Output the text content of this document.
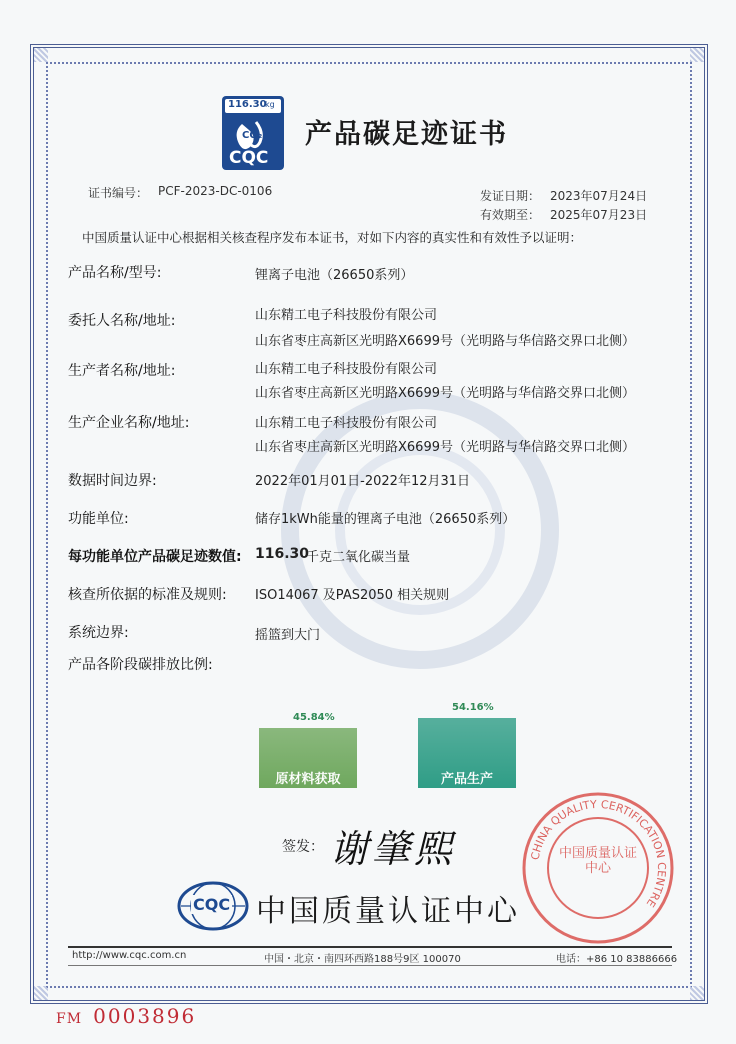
116.30
kg
CO₂
CQC
产品碳足迹证书
证书编号： PCF-2023-DC-0106	发证日期： 2023年07月24日
有效期至： 2025年07月23日
中国质量认证中心根据相关核查程序发布本证书，对如下内容的真实性和有效性予以证明：
产品名称/型号:	锂离子电池（26650系列）
委托人名称/地址:	山东精工电子科技股份有限公司
山东省枣庄高新区光明路X6699号（光明路与华信路交界口北侧）
生产者名称/地址:	山东精工电子科技股份有限公司
山东省枣庄高新区光明路X6699号（光明路与华信路交界口北侧）
生产企业名称/地址:	山东精工电子科技股份有限公司
山东省枣庄高新区光明路X6699号（光明路与华信路交界口北侧）
数据时间边界:	2022年01月01日-2022年12月31日
功能单位:	储存1kWh能量的锂离子电池（26650系列）
每功能单位产品碳足迹数值: 116.30
千克二氧化碳当量
核查所依据的标准及规则: ISO14067 及PAS2050 相关规则
系统边界:	摇篮到大门
产品各阶段碳排放比例:
原材料获取
45.84%
产品生产
54.16%
签发： 谢肇熙
CQC 中国质量认证中心
CHINA QUALITY CERTIFICATION CENTRE
中国质量认证中心
http://www.cqc.com.cn	中国・北京・南四环西路188号9区 100070	电话：+86 10 83886666
FM 0003896
